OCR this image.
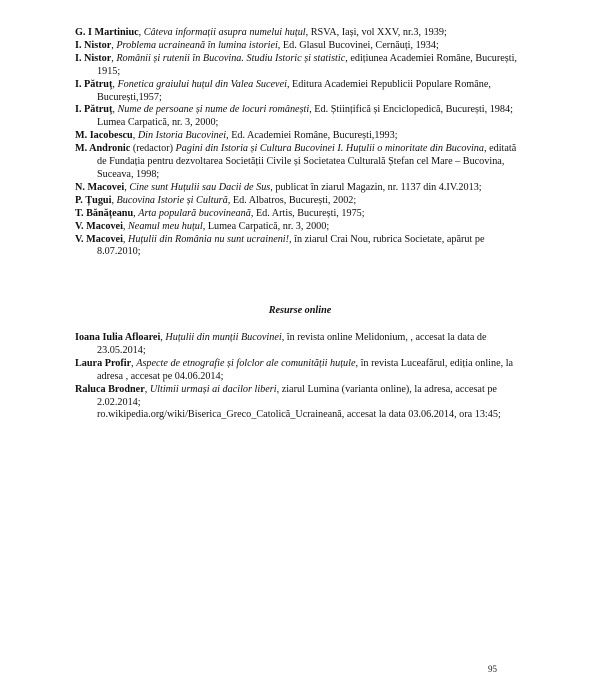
G. I Martiniuc, Câteva informații asupra numelui huțul, RSVA, Iași, vol XXV, nr.3, 1939;

I. Nistor, Problema ucraineană în lumina istoriei, Ed. Glasul Bucovinei, Cernăuți, 1934;

I. Nistor, Românii și rutenii în Bucovina. Studiu Istoric și statistic, edițiunea Academiei Române, București, 1915;

I. Pătruț, Fonetica graiului huțul din Valea Sucevei, Editura Academiei Republicii Populare Române, București,1957;

I. Pătruț, Nume de persoane și nume de locuri românești, Ed. Științifică și Enciclopedică, București, 1984;

Lumea Carpatică, nr. 3, 2000;

M. Iacobescu, Din Istoria Bucovinei, Ed. Academiei Române, București,1993;

M. Andronic (redactor) Pagini din Istoria și Cultura Bucovinei I. Huțulii o minoritate din Bucovina, editată de Fundația pentru dezvoltarea Societății Civile și Societatea Culturală Ștefan cel Mare – Bucovina, Suceava, 1998;

N. Macovei, Cine sunt Huțulii sau Dacii de Sus, publicat în ziarul Magazin, nr. 1137 din 4.IV.2013;

P. Țugui, Bucovina Istorie și Cultură, Ed. Albatros, București, 2002;

T. Bănățeanu, Arta populară bucovineană, Ed. Artis, București, 1975;

V. Macovei, Neamul meu huțul, Lumea Carpatică, nr. 3, 2000;

V. Macovei, Huțulii din România nu sunt ucraineni!, în ziarul Crai Nou, rubrica Societate, apărut pe 8.07.2010;

Resurse online

Ioana Iulia Afloarei, Huțulii din munții Bucovinei, în revista online Melidonium, , accesat la data de 23.05.2014;

Laura Profir, Aspecte de etnografie și folclor ale comunității huțule, în revista Luceafărul, ediția online, la adresa , accesat pe 04.06.2014;

Raluca Brodner, Ultimii urmași ai dacilor liberi, ziarul Lumina (varianta online), la adresa, accesat pe 2.02.2014;

ro.wikipedia.org/wiki/Biserica_Greco_Catolică_Ucraineană, accesat la data 03.06.2014, ora 13:45;

95
